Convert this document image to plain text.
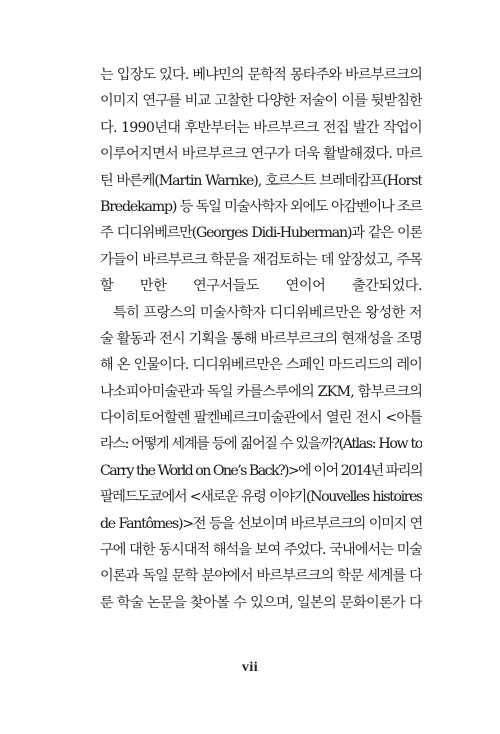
는 입장도 있다. 베냐민의 문학적 몽타주와 바르부르크의
이미지 연구를 비교 고찰한 다양한 저술이 이를 뒷받침한
다. 1990년대 후반부터는 바르부르크 전집 발간 작업이
이루어지면서 바르부르크 연구가 더욱 활발해졌다. 마르
틴 바른케(Martin Warnke), 호르스트 브레데캄프(Horst
Bredekamp) 등 독일 미술사학자 외에도 아감벤이나 조르
주 디디위베르만(Georges Didi-Huberman)과 같은 이론
가들이 바르부르크 학문을 재검토하는 데 앞장섰고, 주목
할 만한 연구서들도 연이어 출간되었다.
특히 프랑스의 미술사학자 디디위베르만은 왕성한 저
술 활동과 전시 기획을 통해 바르부르크의 현재성을 조명
해 온 인물이다. 디디위베르만은 스페인 마드리드의 레이
나소피아미술관과 독일 카를스루에의 ZKM, 함부르크의
다이히토어할렌 팔켄베르크미술관에서 열린 전시 <아틀
라스: 어떻게 세계를 등에 짊어질 수 있을까?(Atlas: How to
Carry the World on One’s Back?)>에 이어 2014년 파리의
팔레드도쿄에서 <새로운 유령 이야기(Nouvelles histoires
de Fantômes)>전 등을 선보이며 바르부르크의 이미지 연
구에 대한 동시대적 해석을 보여 주었다. 국내에서는 미술
이론과 독일 문학 분야에서 바르부르크의 학문 세계를 다
룬 학술 논문을 찾아볼 수 있으며, 일본의 문화이론가 다
vii
